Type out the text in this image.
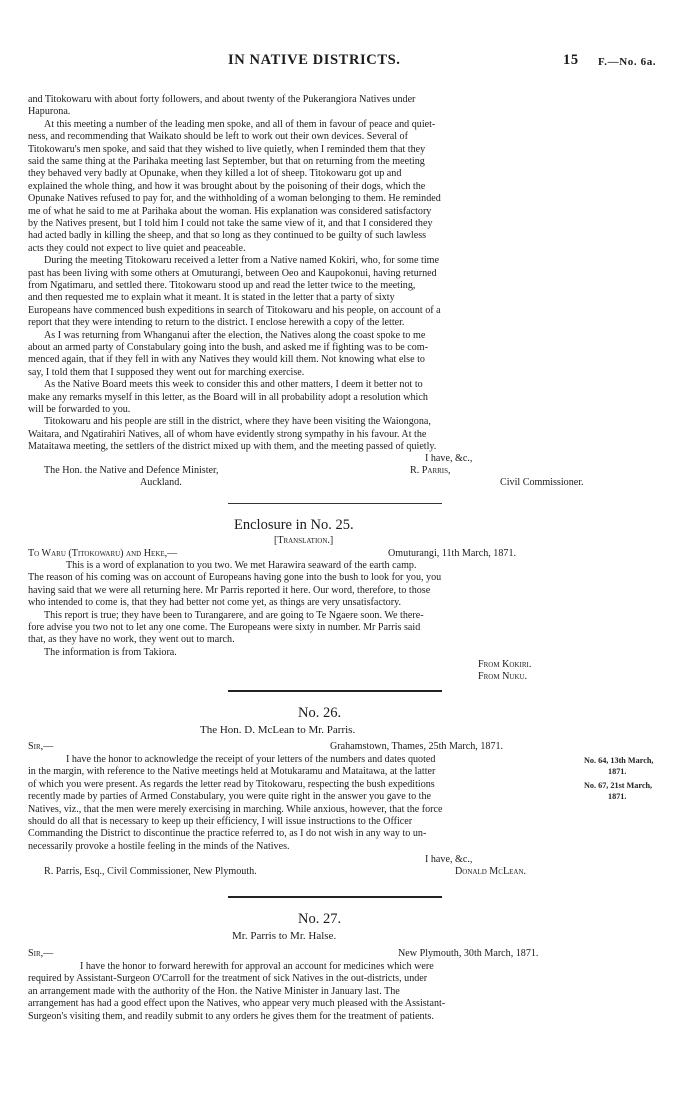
IN NATIVE DISTRICTS.	15 F.—No. 6a.
and Titokowaru with about forty followers, and about twenty of the Pukerangiora Natives under
Hapurona.
At this meeting a number of the leading men spoke, and all of them in favour of peace and quiet-
ness, and recommending that Waikato should be left to work out their own devices. Several of
Titokowaru's men spoke, and said that they wished to live quietly, when I reminded them that they
said the same thing at the Parihaka meeting last September, but that on returning from the meeting
they behaved very badly at Opunake, when they killed a lot of sheep. Titokowaru got up and
explained the whole thing, and how it was brought about by the poisoning of their dogs, which the
Opunake Natives refused to pay for, and the withholding of a woman belonging to them. He reminded
me of what he said to me at Parihaka about the woman. His explanation was considered satisfactory
by the Natives present, but I told him I could not take the same view of it, and that I considered they
had acted badly in killing the sheep, and that so long as they continued to be guilty of such lawless
acts they could not expect to live quiet and peaceable.
During the meeting Titokowaru received a letter from a Native named Kokiri, who, for some time
past has been living with some others at Omuturangi, between Oeo and Kaupokonui, having returned
from Ngatimaru, and settled there. Titokowaru stood up and read the letter twice to the meeting,
and then requested me to explain what it meant. It is stated in the letter that a party of sixty
Europeans have commenced bush expeditions in search of Titokowaru and his people, on account of a
report that they were intending to return to the district. I enclose herewith a copy of the letter.
As I was returning from Whanganui after the election, the Natives along the coast spoke to me
about an armed party of Constabulary going into the bush, and asked me if fighting was to be com-
menced again, that if they fell in with any Natives they would kill them. Not knowing what else to
say, I told them that I supposed they went out for marching exercise.
As the Native Board meets this week to consider this and other matters, I deem it better not to
make any remarks myself in this letter, as the Board will in all probability adopt a resolution which
will be forwarded to you.
Titokowaru and his people are still in the district, where they have been visiting the Waiongona,
Waitara, and Ngatirahiri Natives, all of whom have evidently strong sympathy in his favour. At the
Mataitawa meeting, the settlers of the district mixed up with them, and the meeting passed of quietly.
I have, &c.,
The Hon. the Native and Defence Minister,	R. Parris,
Auckland.	Civil Commissioner.
Enclosure in No. 25.
[Translation.]
To Waru (Titokowaru) and Heke,—	Omuturangi, 11th March, 1871.
This is a word of explanation to you two. We met Harawira seaward of the earth camp.
The reason of his coming was on account of Europeans having gone into the bush to look for you, you
having said that we were all returning here. Mr Parris reported it here. Our word, therefore, to those
who intended to come is, that they had better not come yet, as things are very unsatisfactory.
This report is true; they have been to Turangarere, and are going to Te Ngaere soon. We there-
fore advise you two not to let any one come. The Europeans were sixty in number. Mr Parris said
that, as they have no work, they went out to march.
The information is from Takiora.
From Kokiri.
From Nuku.
No. 26.
The Hon. D. McLean to Mr. Parris.
Sir,—	Grahamstown, Thames, 25th March, 1871.
I have the honor to acknowledge the receipt of your letters of the numbers and dates quoted
in the margin, with reference to the Native meetings held at Motukaramu and Mataitawa, at the latter
of which you were present. As regards the letter read by Titokowaru, respecting the bush expeditions
recently made by parties of Armed Constabulary, you were quite right in the answer you gave to the
Natives, viz., that the men were merely exercising in marching. While anxious, however, that the force
should do all that is necessary to keep up their efficiency, I will issue instructions to the Officer
Commanding the District to discontinue the practice referred to, as I do not wish in any way to un-
necessarily provoke a hostile feeling in the minds of the Natives.
No. 64, 13th March,
1871.
No. 67, 21st March,
1871.
I have, &c.,
R. Parris, Esq., Civil Commissioner, New Plymouth.	Donald McLean.
No. 27.
Mr. Parris to Mr. Halse.
Sir,—	New Plymouth, 30th March, 1871.
I have the honor to forward herewith for approval an account for medicines which were
required by Assistant-Surgeon O'Carroll for the treatment of sick Natives in the out-districts, under
an arrangement made with the authority of the Hon. the Native Minister in January last. The
arrangement has had a good effect upon the Natives, who appear very much pleased with the Assistant-
Surgeon's visiting them, and readily submit to any orders he gives them for the treatment of patients.
